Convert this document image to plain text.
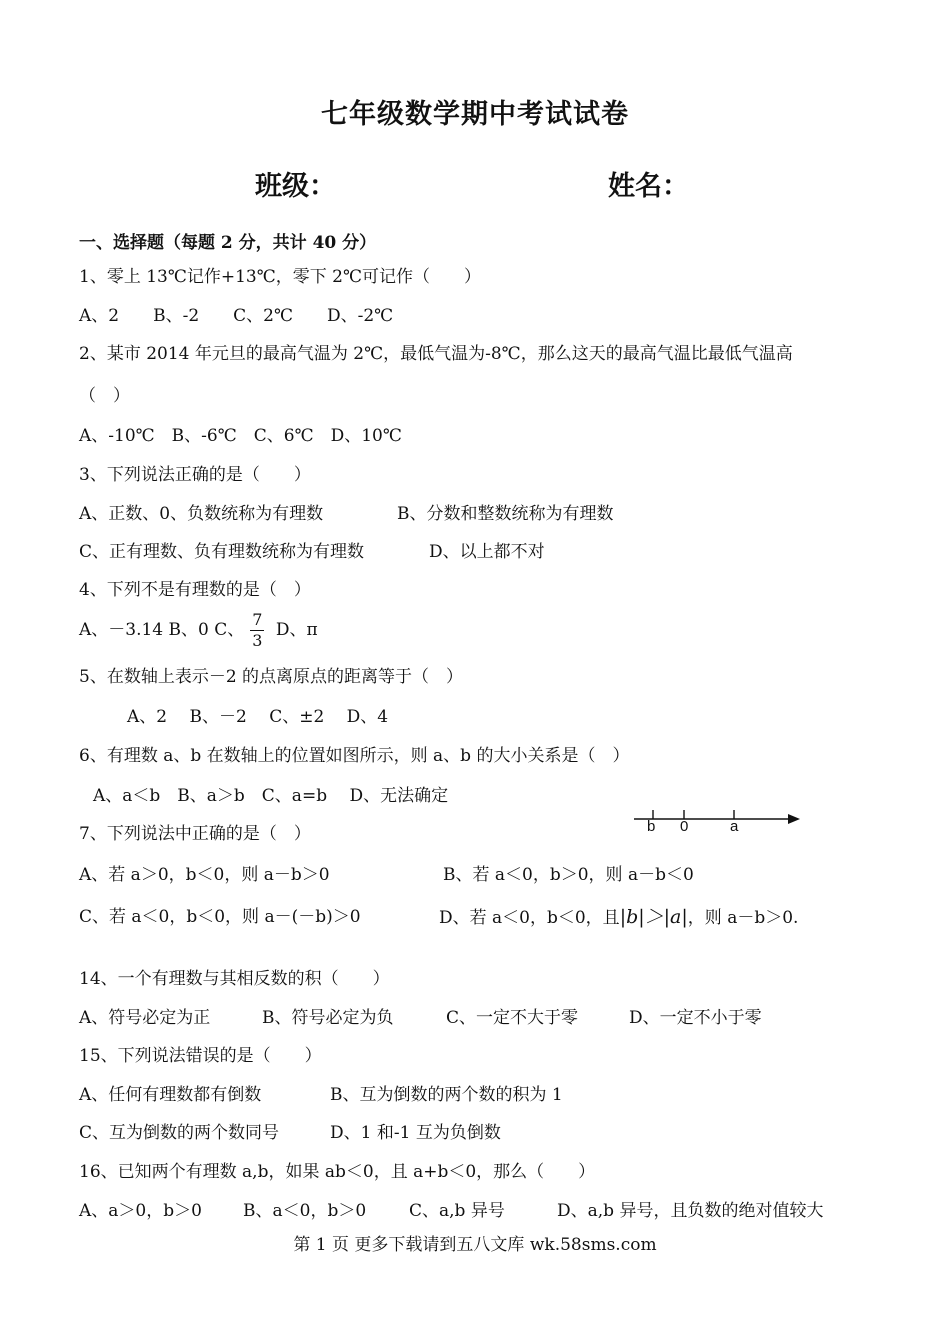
七年级数学期中考试试卷
班级：	姓名：
一、选择题（每题 2 分，共计 40 分）
1、零上 13℃记作+13℃，零下 2℃可记作（　　）
A、2　　B、-2　　C、2℃　　D、-2℃
2、某市 2014 年元旦的最高气温为 2℃，最低气温为-8℃，那么这天的最高气温比最低气温高
（　）
A、-10℃　B、-6℃　C、6℃　D、10℃
3、下列说法正确的是（　　）
A、正数、0、负数统称为有理数	B、分数和整数统称为有理数
C、正有理数、负有理数统称为有理数	D、以上都不对
4、下列不是有理数的是（　）
A、－3.14 B、0 C、 $\frac{7}{3}$ D、π
5、在数轴上表示－2 的点离原点的距离等于（　）
A、2　 B、－2　 C、±2　 D、4
6、有理数 a、b 在数轴上的位置如图所示，则 a、b 的大小关系是（　）
A、a＜b　B、a＞b　C、a=b　 D、无法确定
b 0	a
7、下列说法中正确的是（　）
A、若 a＞0，b＜0，则 a－b＞0	B、若 a＜0，b＞0，则 a－b＜0
C、若 a＜0，b＜0，则 a－(－b)＞0	D、若 a＜0，b＜0，且|b|＞|a|，则 a－b＞0.
14、一个有理数与其相反数的积（　　）
A、符号必定为正	B、符号必定为负	C、一定不大于零	D、一定不小于零
15、下列说法错误的是（　　）
A、任何有理数都有倒数	B、互为倒数的两个数的积为 1
C、互为倒数的两个数同号	D、1 和-1 互为负倒数
16、已知两个有理数 a,b，如果 ab＜0，且 a+b＜0，那么（　　）
A、a＞0，b＞0 B、a＜0，b＞0	C、a,b 异号	D、a,b 异号，且负数的绝对值较大
第 1 页 更多下载请到五八文库 wk.58sms.com
